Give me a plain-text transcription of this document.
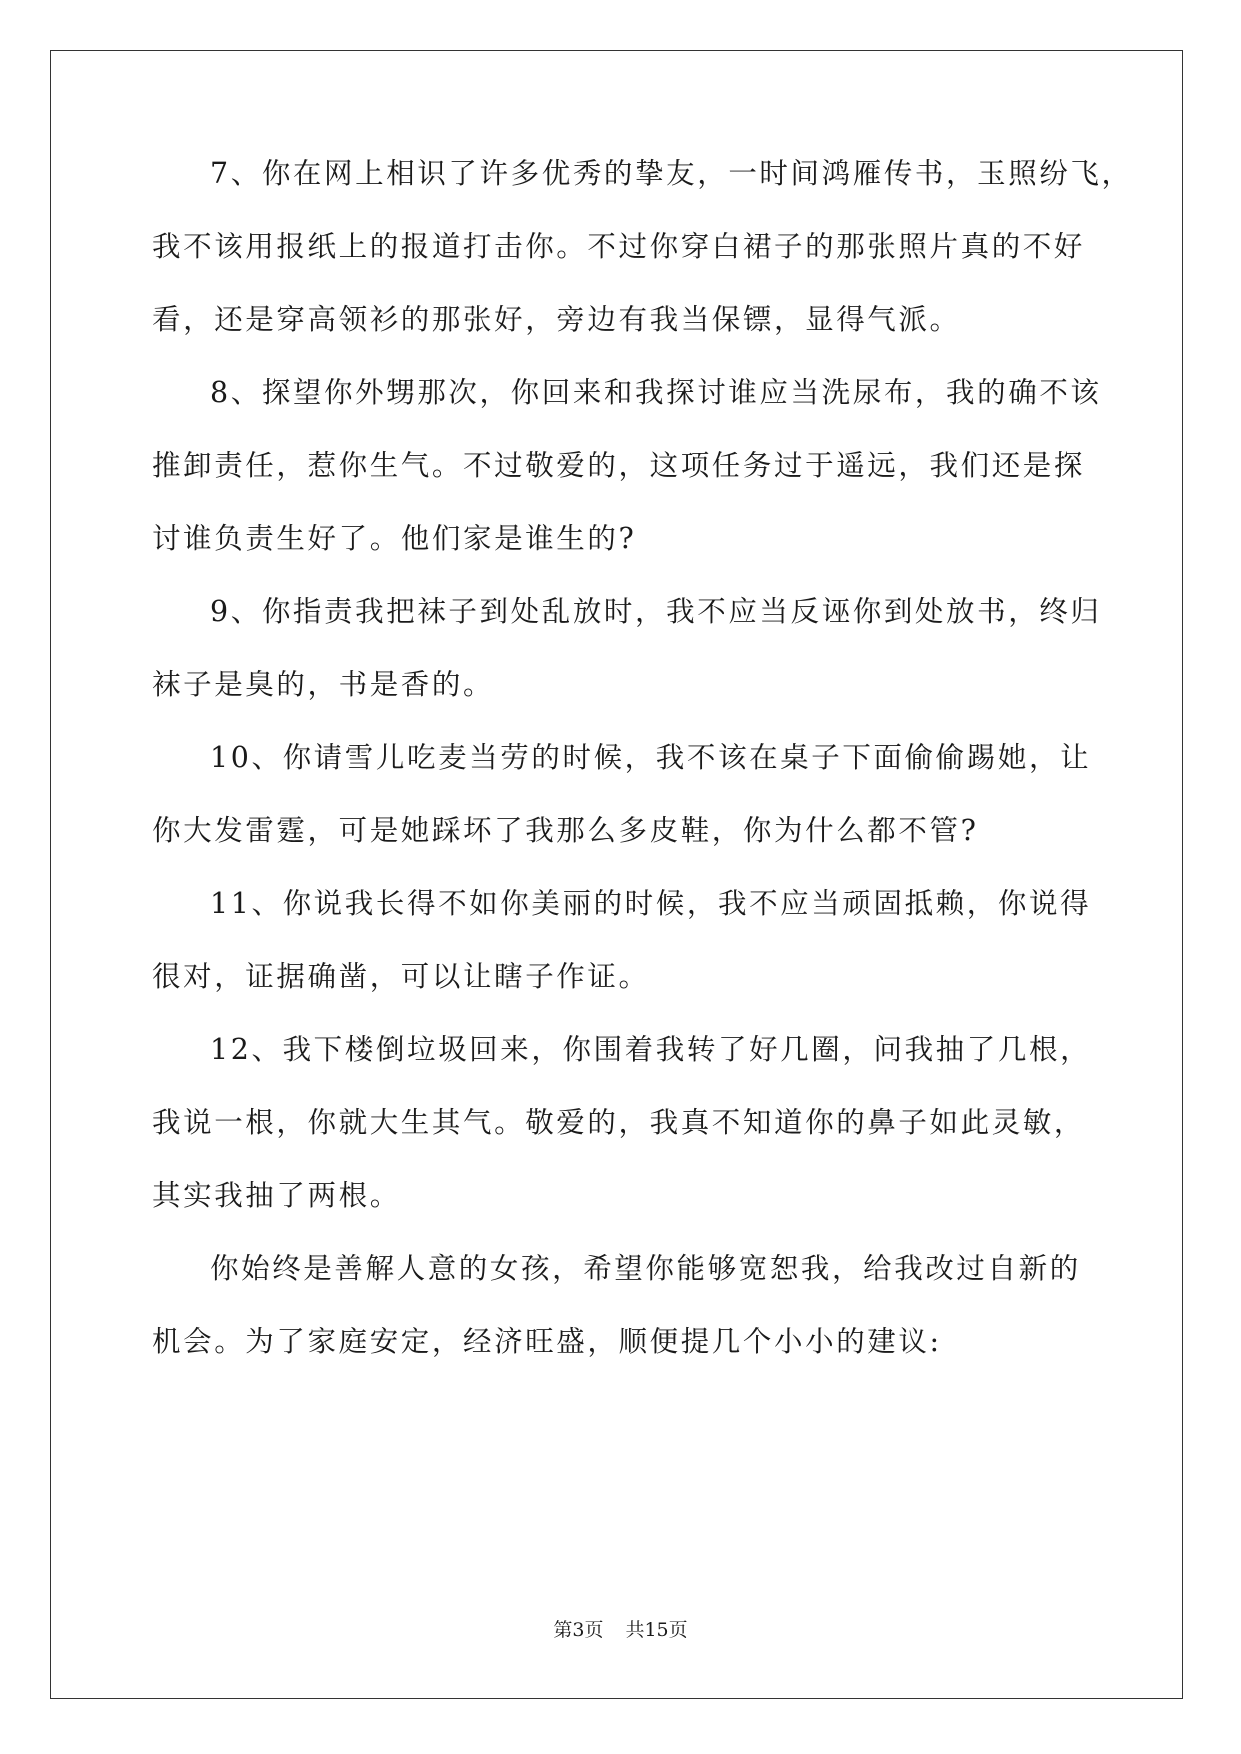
7、你在网上相识了许多优秀的挚友，一时间鸿雁传书，玉照纷飞，
我不该用报纸上的报道打击你。不过你穿白裙子的那张照片真的不好
看，还是穿高领衫的那张好，旁边有我当保镖，显得气派。
8、探望你外甥那次，你回来和我探讨谁应当洗尿布，我的确不该
推卸责任，惹你生气。不过敬爱的，这项任务过于遥远，我们还是探
讨谁负责生好了。他们家是谁生的?
9、你指责我把袜子到处乱放时，我不应当反诬你到处放书，终归
袜子是臭的，书是香的。
10、你请雪儿吃麦当劳的时候，我不该在桌子下面偷偷踢她，让
你大发雷霆，可是她踩坏了我那么多皮鞋，你为什么都不管?
11、你说我长得不如你美丽的时候，我不应当顽固抵赖，你说得
很对，证据确凿，可以让瞎子作证。
12、我下楼倒垃圾回来，你围着我转了好几圈，问我抽了几根，
我说一根，你就大生其气。敬爱的，我真不知道你的鼻子如此灵敏，
其实我抽了两根。
你始终是善解人意的女孩，希望你能够宽恕我，给我改过自新的
机会。为了家庭安定，经济旺盛，顺便提几个小小的建议:
第3页 共15页
